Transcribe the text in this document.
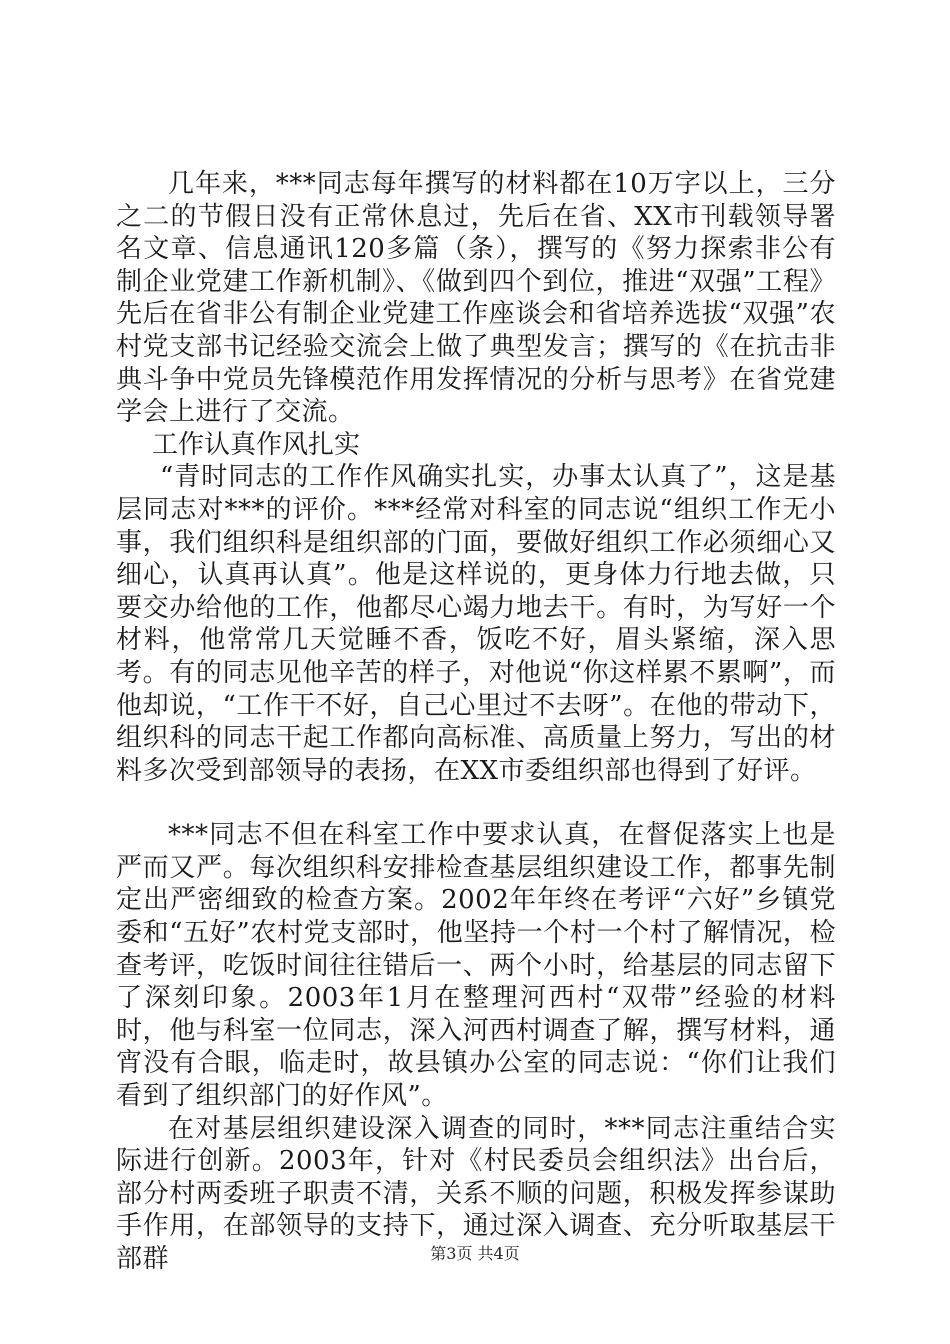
几年来，***同志每年撰写的材料都在10万字以上，三分之二的节假日没有正常休息过，先后在省、XX市刊载领导署名文章、信息通讯120多篇（条），撰写的《努力探索非公有制企业党建工作新机制》、《做到四个到位，推进“双强”工程》先后在省非公有制企业党建工作座谈会和省培养选拔“双强”农村党支部书记经验交流会上做了典型发言；撰写的《在抗击非典斗争中党员先锋模范作用发挥情况的分析与思考》在省党建学会上进行了交流。

工作认真作风扎实

“青时同志的工作作风确实扎实，办事太认真了”，这是基层同志对***的评价。***经常对科室的同志说“组织工作无小事，我们组织科是组织部的门面，要做好组织工作必须细心又细心，认真再认真”。他是这样说的，更身体力行地去做，只要交办给他的工作，他都尽心竭力地去干。有时，为写好一个材料，他常常几天觉睡不香，饭吃不好，眉头紧缩，深入思考。有的同志见他辛苦的样子，对他说“你这样累不累啊”，而他却说，“工作干不好，自己心里过不去呀”。在他的带动下，组织科的同志干起工作都向高标准、高质量上努力，写出的材料多次受到部领导的表扬，在XX市委组织部也得到了好评。

***同志不但在科室工作中要求认真，在督促落实上也是严而又严。每次组织科安排检查基层组织建设工作，都事先制定出严密细致的检查方案。2002年年终在考评“六好”乡镇党委和“五好”农村党支部时，他坚持一个村一个村了解情况，检查考评，吃饭时间往往错后一、两个小时，给基层的同志留下了深刻印象。2003年1月在整理河西村“双带”经验的材料时，他与科室一位同志，深入河西村调查了解，撰写材料，通宵没有合眼，临走时，故县镇办公室的同志说：“你们让我们看到了组织部门的好作风”。

在对基层组织建设深入调查的同时，***同志注重结合实际进行创新。2003年，针对《村民委员会组织法》出台后，部分村两委班子职责不清，关系不顺的问题，积极发挥参谋助手作用，在部领导的支持下，通过深入调查、充分听取基层干部群	第3页 共4页
